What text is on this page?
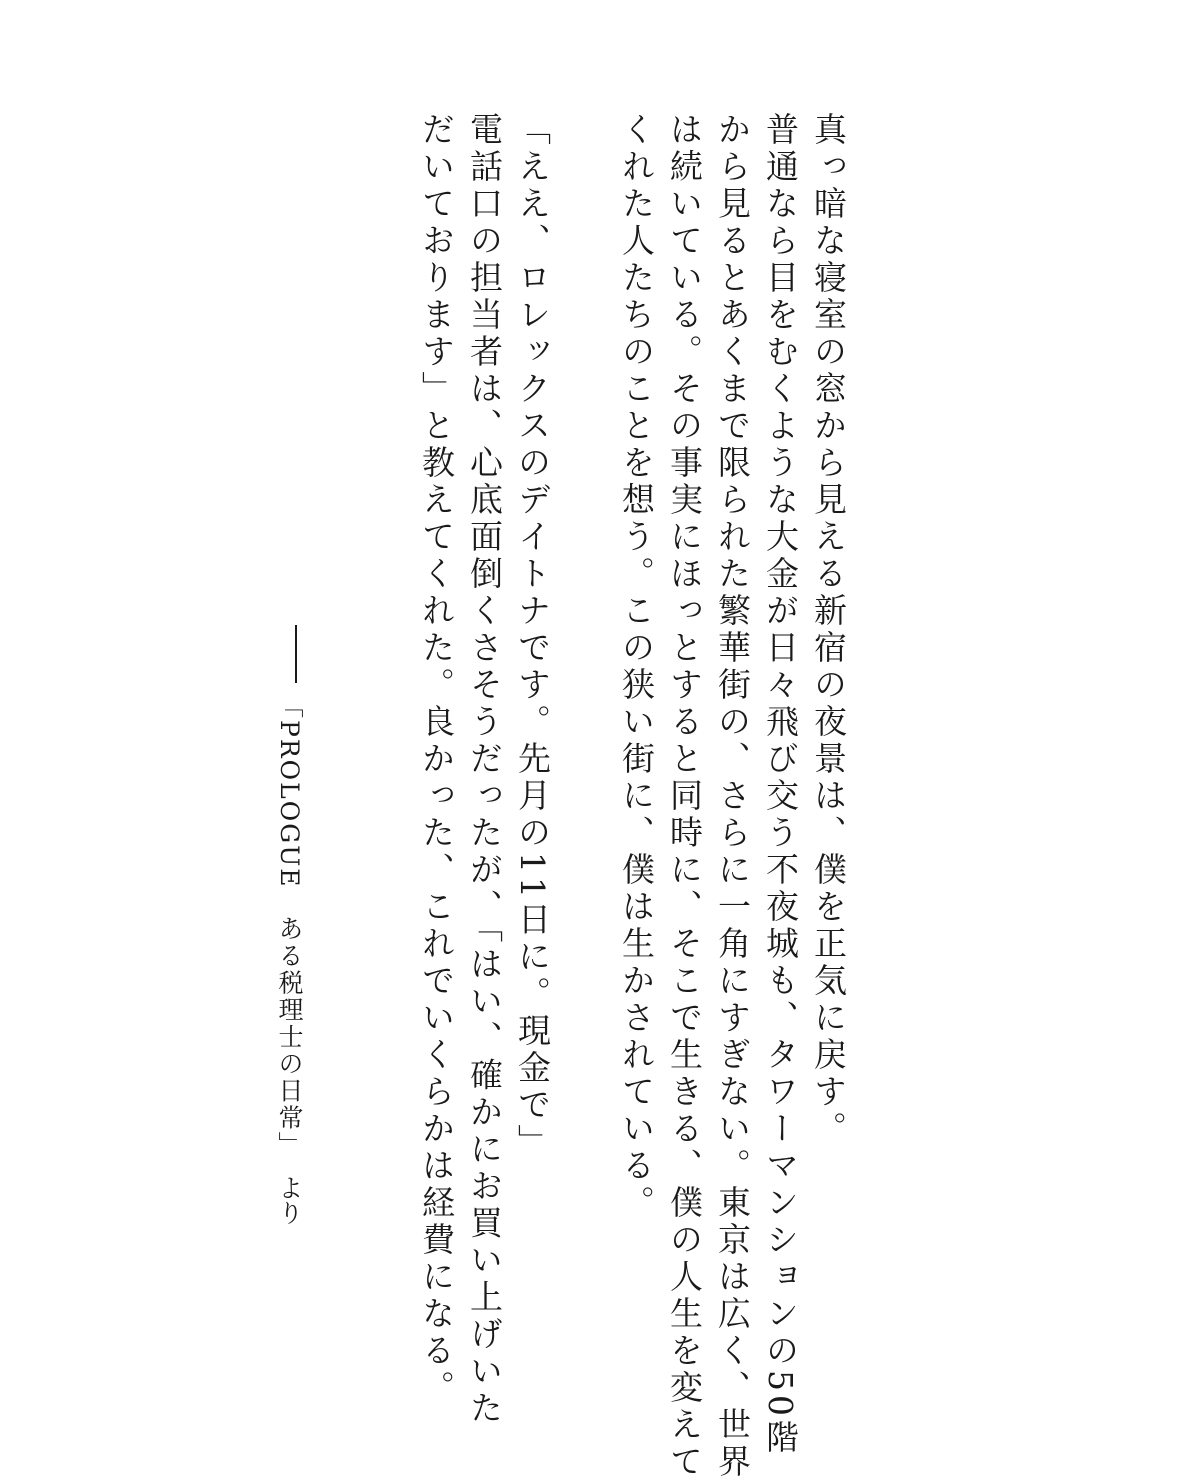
真っ暗な寝室の窓から見える新宿の夜景は、僕を正気に戻す。

普通なら目をむくような大金が日々飛び交う不夜城も、タワーマンションの50階

から見るとあくまで限られた繁華街の、さらに一角にすぎない。東京は広く、世界

は続いている。その事実にほっとすると同時に、そこで生きる、僕の人生を変えて

くれた人たちのことを想う。この狭い街に、僕は生かされている。

「ええ、ロレックスのデイトナです。先月の11日に。現金で」

電話口の担当者は、心底面倒くさそうだったが、「はい、確かにお買い上げいた

だいております」と教えてくれた。良かった、これでいくらかは経費になる。

「PROLOGUE　ある税理士の日常」より
